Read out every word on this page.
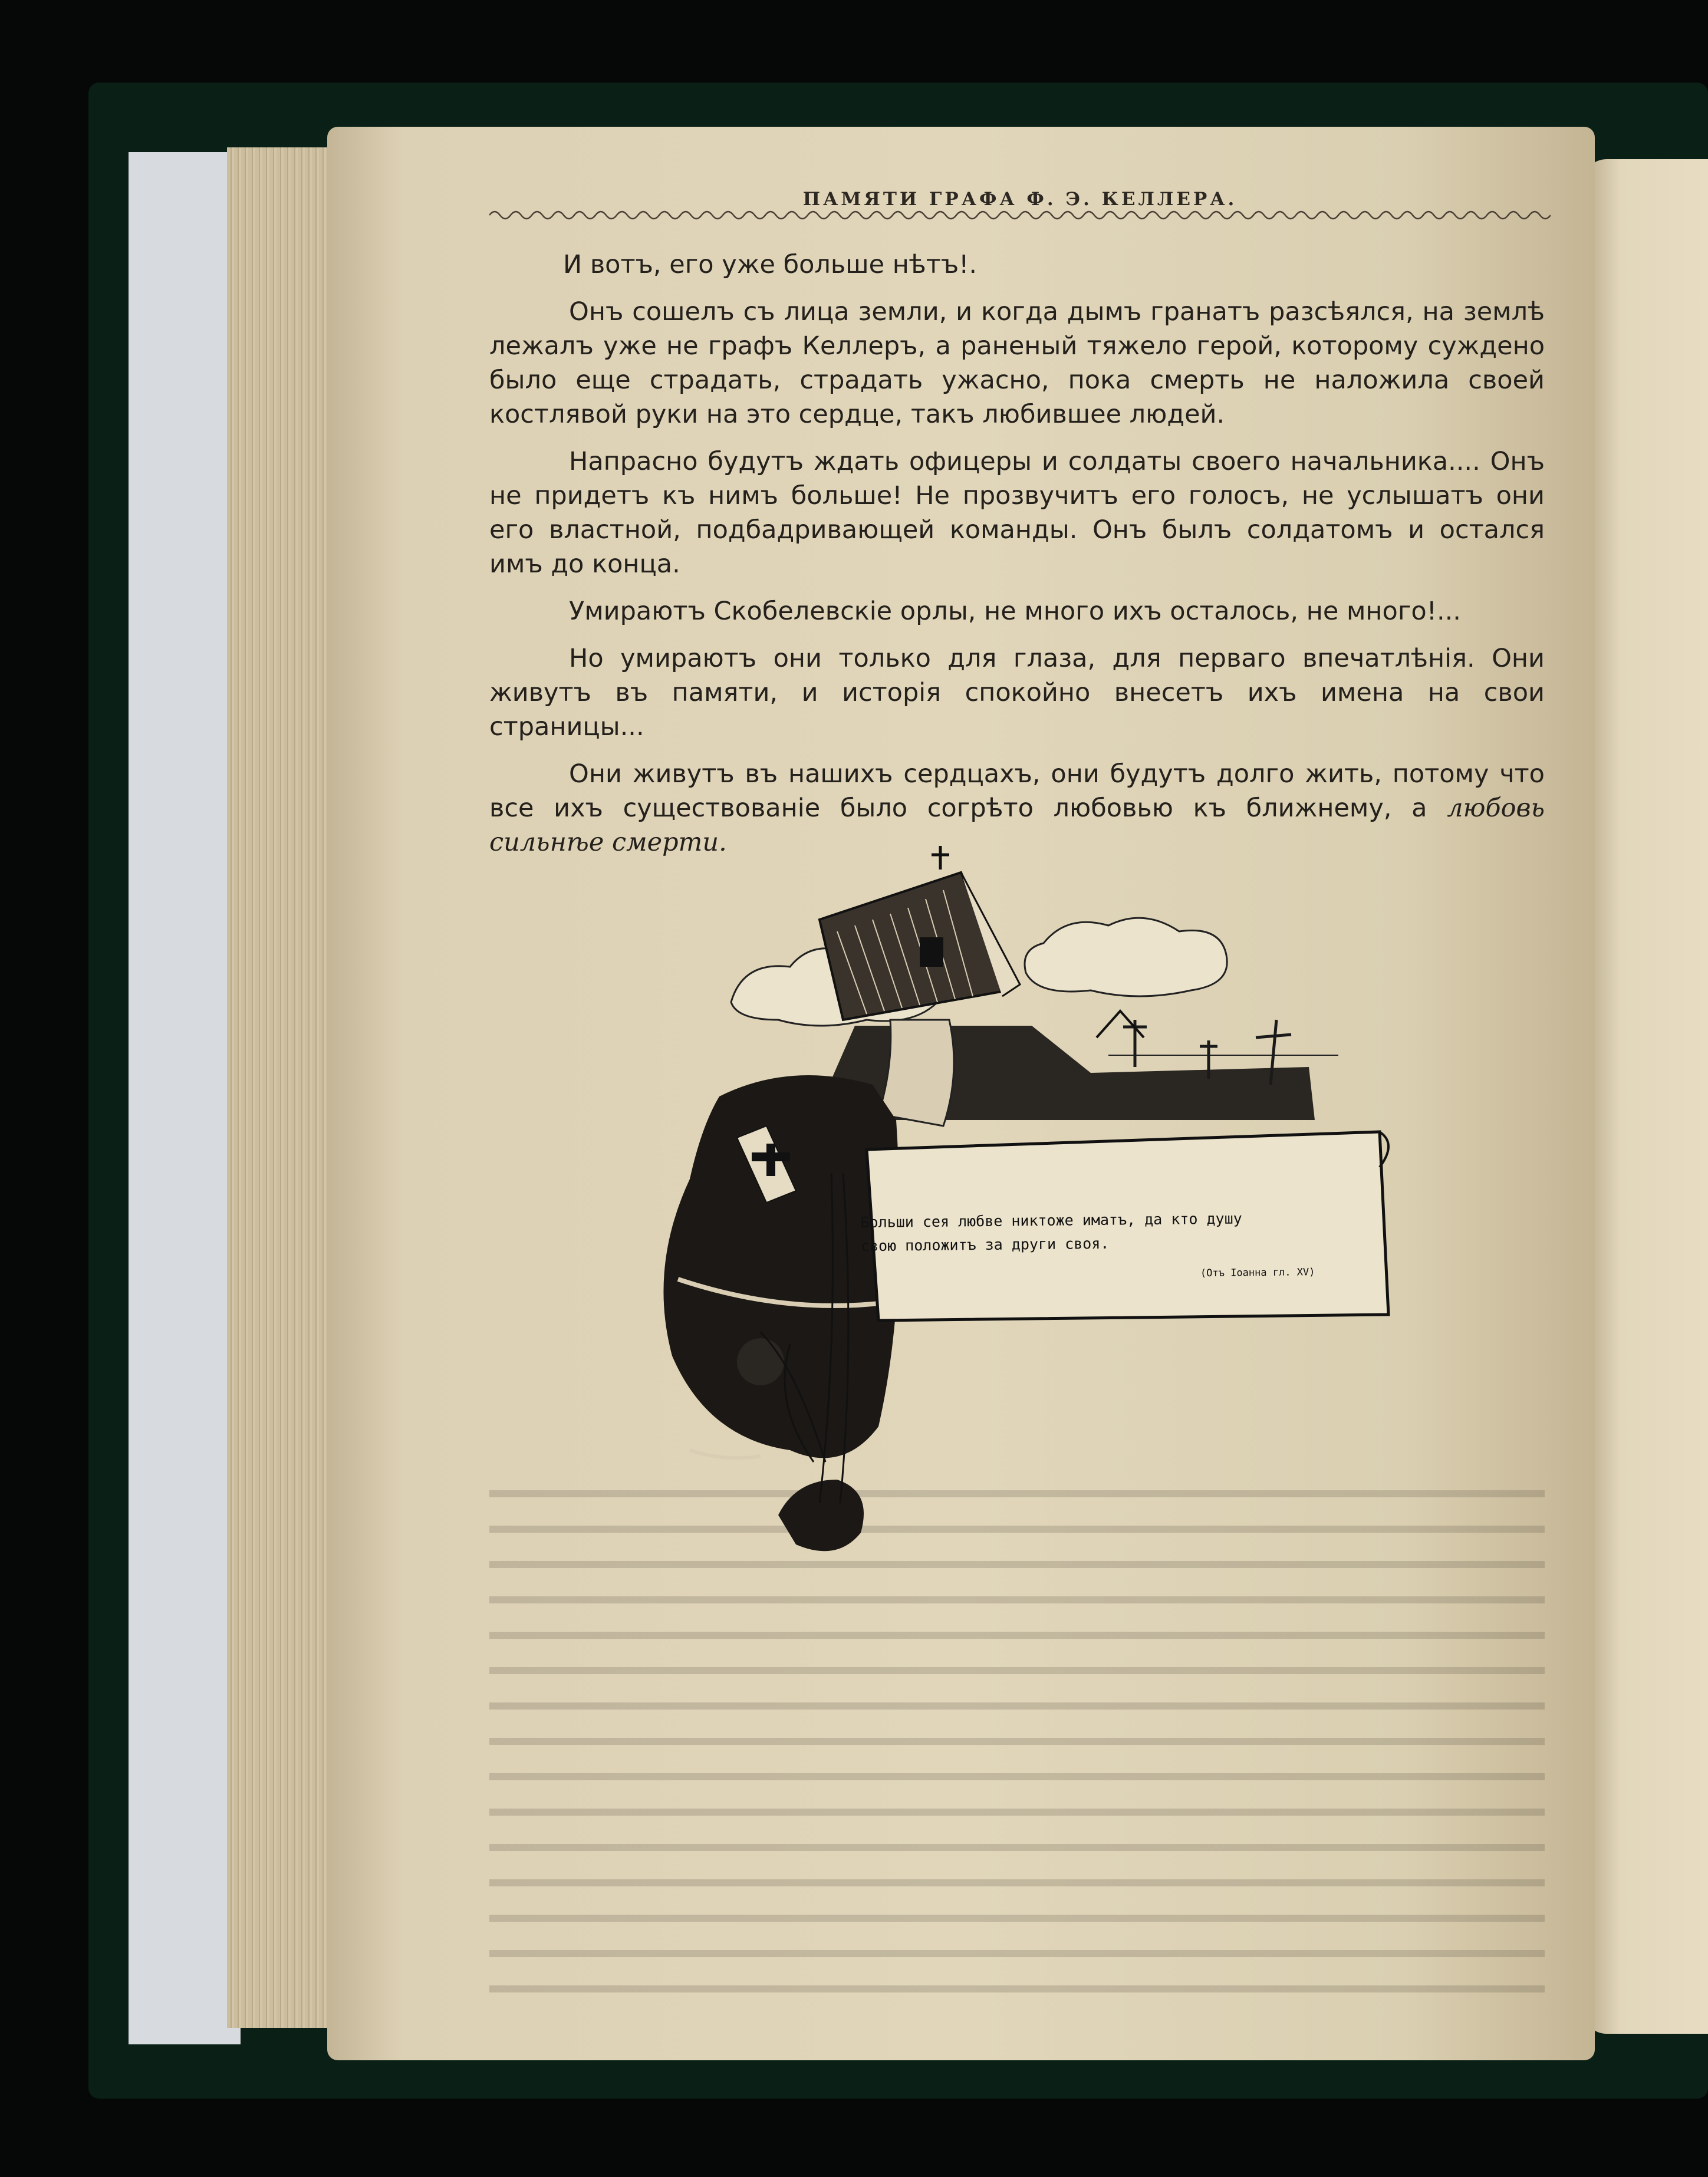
ПАМЯТИ ГРАФА Ф. Э. КЕЛЛЕРА.

И вотъ, его уже больше нѣтъ!.

Онъ сошелъ съ лица земли, и когда дымъ гранатъ разсѣялся, на землѣ лежалъ уже не графъ Келлеръ, а раненый тяжело герой, которому суждено было еще страдать, страдать ужасно, пока смерть не наложила своей костлявой руки на это сердце, такъ любившее людей.

Напрасно будутъ ждать офицеры и солдаты своего начальника.... Онъ не придетъ къ нимъ больше! Не прозвучитъ его голосъ, не услышатъ они его властной, подбадривающей команды. Онъ былъ солдатомъ и остался имъ до конца.

Умираютъ Скобелевскіе орлы, не много ихъ осталось, не много!...

Но умираютъ они только для глаза, для перваго впечатлѣнія. Они живутъ въ памяти, и исторія спокойно внесетъ ихъ имена на свои страницы...

Они живутъ въ нашихъ сердцахъ, они будутъ долго жить, потому что все ихъ существованіе было согрѣто любовью къ ближнему, а любовь сильнѣе смерти.

Больши сея любве никтоже иматъ, да кто душу
свою положитъ за други своя.
(Отъ Iоанна гл. XV)
